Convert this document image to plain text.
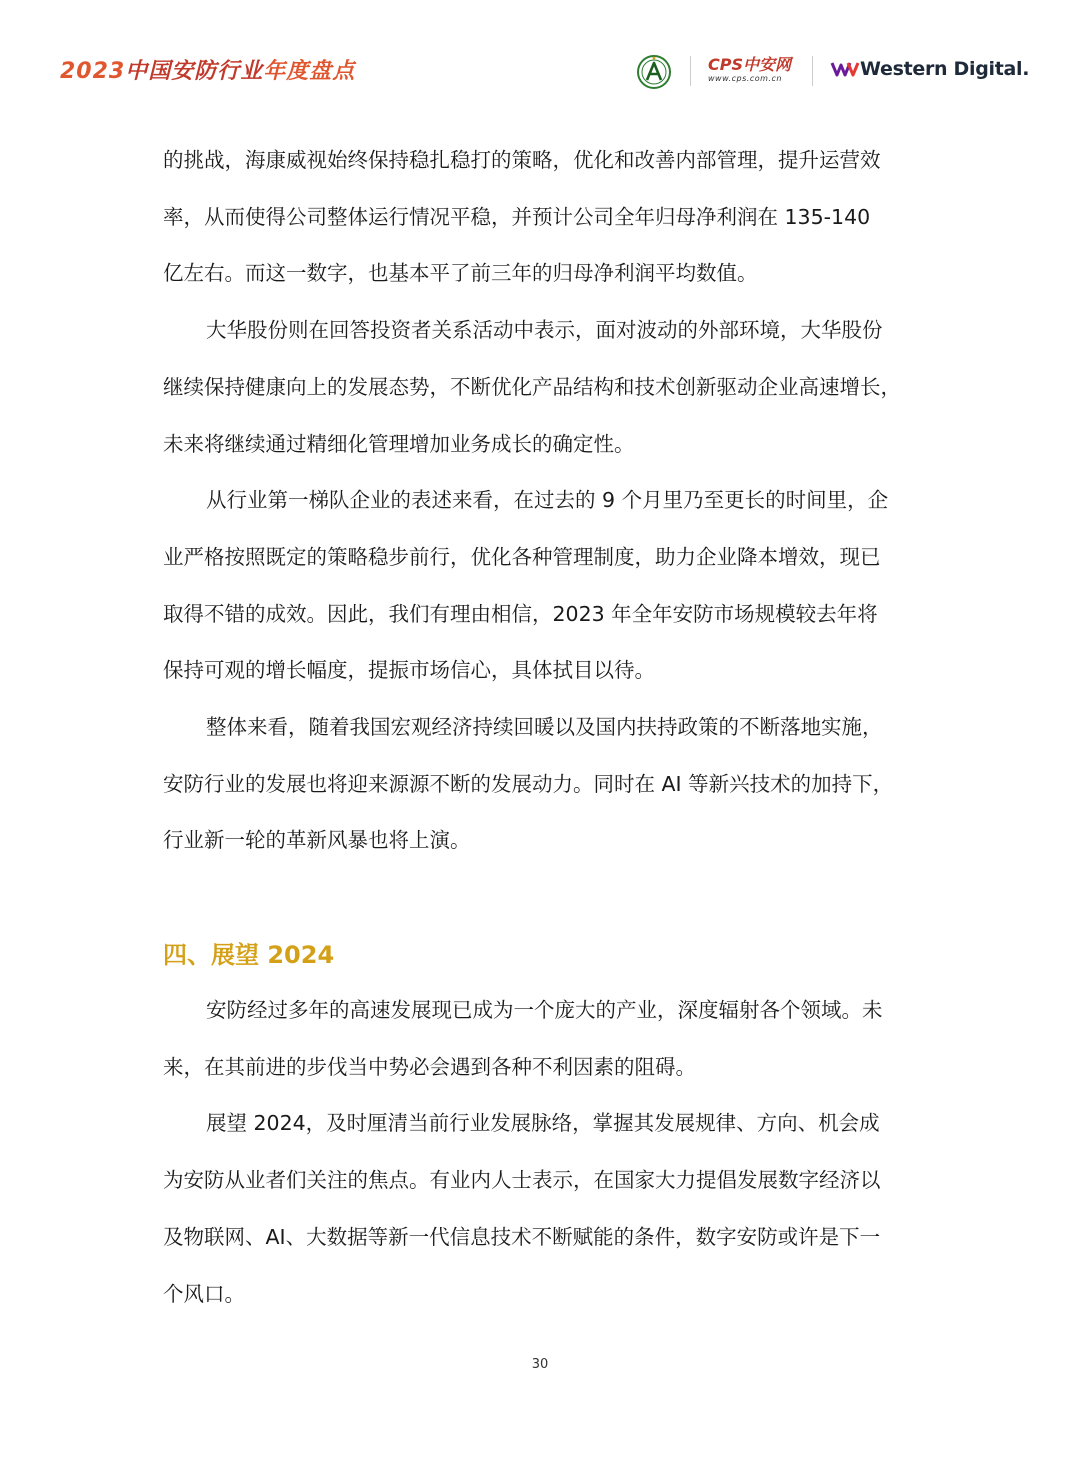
2023中国安防行业年度盘点	CPS中安网
www.cps.com.cn	Western Digital.

的挑战，海康威视始终保持稳扎稳打的策略，优化和改善内部管理，提升运营效

率，从而使得公司整体运行情况平稳，并预计公司全年归母净利润在 135-140

亿左右。而这一数字，也基本平了前三年的归母净利润平均数值。

大华股份则在回答投资者关系活动中表示，面对波动的外部环境，大华股份

继续保持健康向上的发展态势，不断优化产品结构和技术创新驱动企业高速增长，

未来将继续通过精细化管理增加业务成长的确定性。

从行业第一梯队企业的表述来看，在过去的 9 个月里乃至更长的时间里，企

业严格按照既定的策略稳步前行，优化各种管理制度，助力企业降本增效，现已

取得不错的成效。因此，我们有理由相信，2023 年全年安防市场规模较去年将

保持可观的增长幅度，提振市场信心，具体拭目以待。

整体来看，随着我国宏观经济持续回暖以及国内扶持政策的不断落地实施，

安防行业的发展也将迎来源源不断的发展动力。同时在 AI 等新兴技术的加持下，

行业新一轮的革新风暴也将上演。

四、展望 2024

安防经过多年的高速发展现已成为一个庞大的产业，深度辐射各个领域。未

来，在其前进的步伐当中势必会遇到各种不利因素的阻碍。

展望 2024，及时厘清当前行业发展脉络，掌握其发展规律、方向、机会成

为安防从业者们关注的焦点。有业内人士表示，在国家大力提倡发展数字经济以

及物联网、AI、大数据等新一代信息技术不断赋能的条件，数字安防或许是下一

个风口。

30
